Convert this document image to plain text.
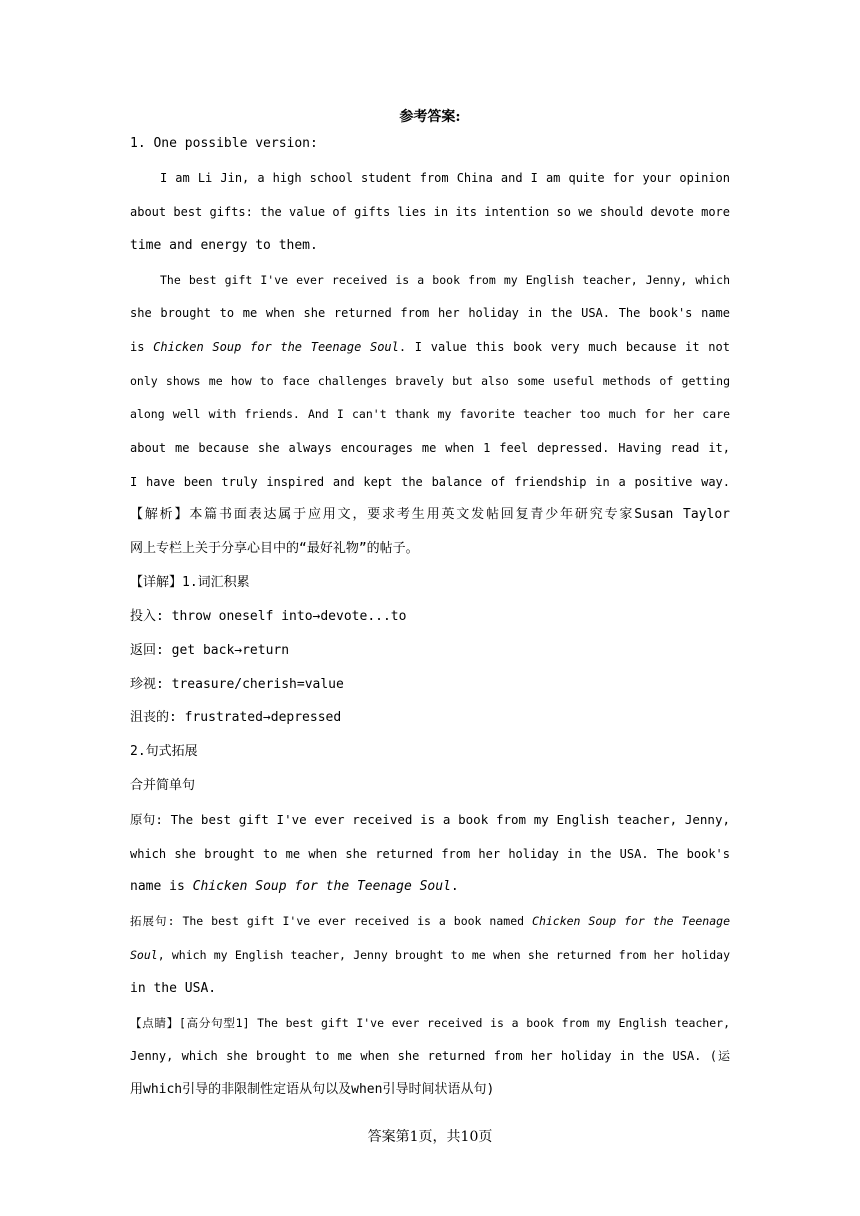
参考答案:
1. One possible version:
I am Li Jin, a high school student from China and I am quite for your opinion
about best gifts: the value of gifts lies in its intention so we should devote more
time and energy to them.
The best gift I've ever received is a book from my English teacher, Jenny, which
she brought to me when she returned from her holiday in the USA. The book's name
is Chicken Soup for the Teenage Soul. I value this book very much because it not
only shows me how to face challenges bravely but also some useful methods of getting
along well with friends. And I can't thank my favorite teacher too much for her care
about me because she always encourages me when 1 feel depressed. Having read it,
I have been truly inspired and kept the balance of friendship in a positive way.
【解析】本篇书面表达属于应用文，要求考生用英文发帖回复青少年研究专家Susan Taylor
网上专栏上关于分享心目中的“最好礼物”的帖子。
【详解】1.词汇积累
投入: throw oneself into→devote...to
返回: get back→return
珍视: treasure/cherish=value
沮丧的: frustrated→depressed
2.句式拓展
合并简单句
原句: The best gift I've ever received is a book from my English teacher, Jenny,
which she brought to me when she returned from her holiday in the USA. The book's
name is Chicken Soup for the Teenage Soul.
拓展句: The best gift I've ever received is a book named Chicken Soup for the Teenage
Soul, which my English teacher, Jenny brought to me when she returned from her holiday
in the USA.
【点睛】[高分句型1] The best gift I've ever received is a book from my English teacher,
Jenny, which she brought to me when she returned from her holiday in the USA. (运
用which引导的非限制性定语从句以及when引导时间状语从句)
答案第1页，共10页
